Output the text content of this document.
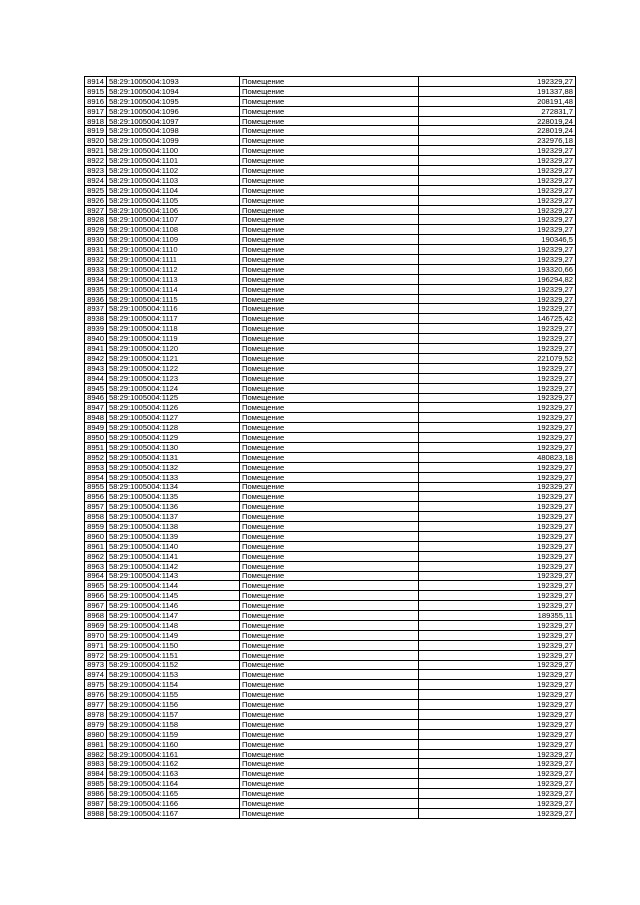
8914	58:29:1005004:1093	Помещение	192329,27
8915	58:29:1005004:1094	Помещение	191337,88
8916	58:29:1005004:1095	Помещение	208191,48
8917	58:29:1005004:1096	Помещение	272831,7
8918	58:29:1005004:1097	Помещение	228019,24
8919	58:29:1005004:1098	Помещение	228019,24
8920	58:29:1005004:1099	Помещение	232976,18
8921	58:29:1005004:1100	Помещение	192329,27
8922	58:29:1005004:1101	Помещение	192329,27
8923	58:29:1005004:1102	Помещение	192329,27
8924	58:29:1005004:1103	Помещение	192329,27
8925	58:29:1005004:1104	Помещение	192329,27
8926	58:29:1005004:1105	Помещение	192329,27
8927	58:29:1005004:1106	Помещение	192329,27
8928	58:29:1005004:1107	Помещение	192329,27
8929	58:29:1005004:1108	Помещение	192329,27
8930	58:29:1005004:1109	Помещение	190346,5
8931	58:29:1005004:1110	Помещение	192329,27
8932	58:29:1005004:1111	Помещение	192329,27
8933	58:29:1005004:1112	Помещение	193320,66
8934	58:29:1005004:1113	Помещение	196294,82
8935	58:29:1005004:1114	Помещение	192329,27
8936	58:29:1005004:1115	Помещение	192329,27
8937	58:29:1005004:1116	Помещение	192329,27
8938	58:29:1005004:1117	Помещение	146725,42
8939	58:29:1005004:1118	Помещение	192329,27
8940	58:29:1005004:1119	Помещение	192329,27
8941	58:29:1005004:1120	Помещение	192329,27
8942	58:29:1005004:1121	Помещение	221079,52
8943	58:29:1005004:1122	Помещение	192329,27
8944	58:29:1005004:1123	Помещение	192329,27
8945	58:29:1005004:1124	Помещение	192329,27
8946	58:29:1005004:1125	Помещение	192329,27
8947	58:29:1005004:1126	Помещение	192329,27
8948	58:29:1005004:1127	Помещение	192329,27
8949	58:29:1005004:1128	Помещение	192329,27
8950	58:29:1005004:1129	Помещение	192329,27
8951	58:29:1005004:1130	Помещение	192329,27
8952	58:29:1005004:1131	Помещение	480823,18
8953	58:29:1005004:1132	Помещение	192329,27
8954	58:29:1005004:1133	Помещение	192329,27
8955	58:29:1005004:1134	Помещение	192329,27
8956	58:29:1005004:1135	Помещение	192329,27
8957	58:29:1005004:1136	Помещение	192329,27
8958	58:29:1005004:1137	Помещение	192329,27
8959	58:29:1005004:1138	Помещение	192329,27
8960	58:29:1005004:1139	Помещение	192329,27
8961	58:29:1005004:1140	Помещение	192329,27
8962	58:29:1005004:1141	Помещение	192329,27
8963	58:29:1005004:1142	Помещение	192329,27
8964	58:29:1005004:1143	Помещение	192329,27
8965	58:29:1005004:1144	Помещение	192329,27
8966	58:29:1005004:1145	Помещение	192329,27
8967	58:29:1005004:1146	Помещение	192329,27
8968	58:29:1005004:1147	Помещение	189355,11
8969	58:29:1005004:1148	Помещение	192329,27
8970	58:29:1005004:1149	Помещение	192329,27
8971	58:29:1005004:1150	Помещение	192329,27
8972	58:29:1005004:1151	Помещение	192329,27
8973	58:29:1005004:1152	Помещение	192329,27
8974	58:29:1005004:1153	Помещение	192329,27
8975	58:29:1005004:1154	Помещение	192329,27
8976	58:29:1005004:1155	Помещение	192329,27
8977	58:29:1005004:1156	Помещение	192329,27
8978	58:29:1005004:1157	Помещение	192329,27
8979	58:29:1005004:1158	Помещение	192329,27
8980	58:29:1005004:1159	Помещение	192329,27
8981	58:29:1005004:1160	Помещение	192329,27
8982	58:29:1005004:1161	Помещение	192329,27
8983	58:29:1005004:1162	Помещение	192329,27
8984	58:29:1005004:1163	Помещение	192329,27
8985	58:29:1005004:1164	Помещение	192329,27
8986	58:29:1005004:1165	Помещение	192329,27
8987	58:29:1005004:1166	Помещение	192329,27
8988	58:29:1005004:1167	Помещение	192329,27
